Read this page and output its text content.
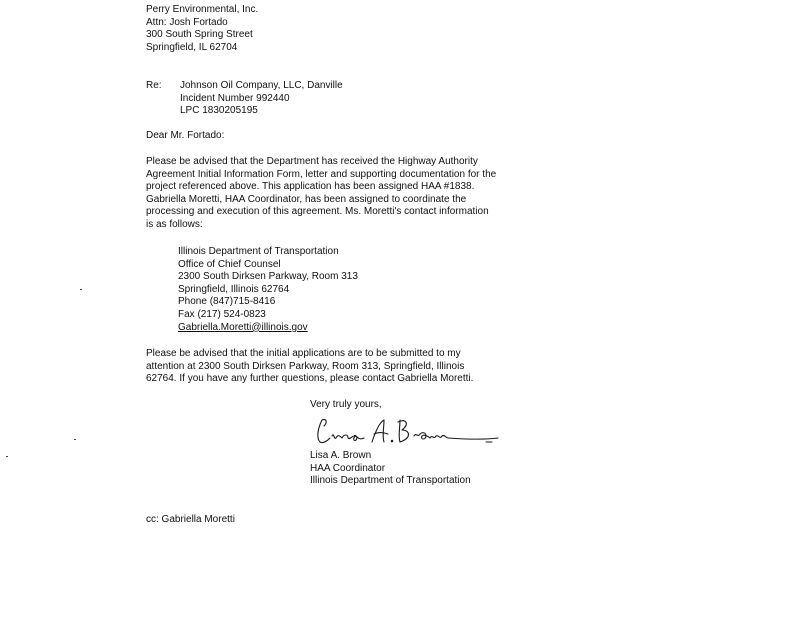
Perry Environmental, Inc.
Attn: Josh Fortado
300 South Spring Street
Springfield, IL 62704
Re: Johnson Oil Company, LLC, Danville
Incident Number 992440
LPC 1830205195
Dear Mr. Fortado:
Please be advised that the Department has received the Highway Authority
Agreement Initial Information Form, letter and supporting documentation for the
project referenced above. This application has been assigned HAA #1838.
Gabriella Moretti, HAA Coordinator, has been assigned to coordinate the
processing and execution of this agreement. Ms. Moretti's contact information
is as follows:
Illinois Department of Transportation
Office of Chief Counsel
2300 South Dirksen Parkway, Room 313
Springfield, Illinois 62764
Phone (847)715-8416
Fax (217) 524-0823
Gabriella.Moretti@illinois.gov
Please be advised that the initial applications are to be submitted to my
attention at 2300 South Dirksen Parkway, Room 313, Springfield, Illinois
62764. If you have any further questions, please contact Gabriella Moretti.
Very truly yours,
Lisa A. Brown
HAA Coordinator
Illinois Department of Transportation
cc: Gabriella Moretti
